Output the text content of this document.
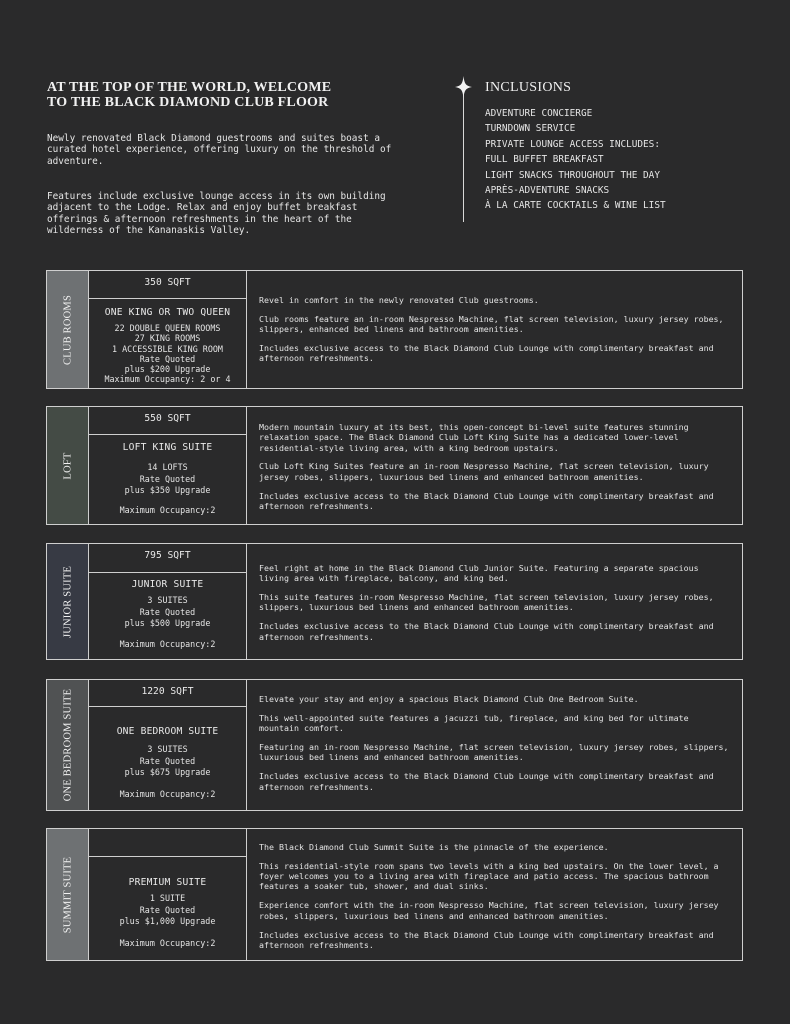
AT THE TOP OF THE WORLD, WELCOME
TO THE BLACK DIAMOND CLUB FLOOR

Newly renovated Black Diamond guestrooms and suites boast a
curated hotel experience, offering luxury on the threshold of
adventure.

Features include exclusive lounge access in its own building
adjacent to the Lodge. Relax and enjoy buffet breakfast
offerings & afternoon refreshments in the heart of the
wilderness of the Kananaskis Valley.

INCLUSIONS
ADVENTURE CONCIERGE
TURNDOWN SERVICE
PRIVATE LOUNGE ACCESS INCLUDES:
FULL BUFFET BREAKFAST
LIGHT SNACKS THROUGHOUT THE DAY
APRÈS-ADVENTURE SNACKS
À LA CARTE COCKTAILS & WINE LIST
CLUB ROOMS
350 SQFT
ONE KING OR TWO QUEEN
22 DOUBLE QUEEN ROOMS
27 KING ROOMS
1 ACCESSIBLE KING ROOM
Rate Quoted
plus $200 Upgrade
Maximum Occupancy: 2 or 4

Revel in comfort in the newly renovated Club guestrooms.

Club rooms feature an in-room Nespresso Machine, flat screen television, luxury jersey robes, slippers, enhanced bed linens and bathroom amenities.

Includes exclusive access to the Black Diamond Club Lounge with complimentary breakfast and afternoon refreshments.

LOFT
550 SQFT
LOFT KING SUITE
14 LOFTS
Rate Quoted
plus $350 Upgrade
Maximum Occupancy:2

Modern mountain luxury at its best, this open-concept bi-level suite features stunning relaxation space. The Black Diamond Club Loft King Suite has a dedicated lower-level residential-style living area, with a king bedroom upstairs.

Club Loft King Suites feature an in-room Nespresso Machine, flat screen television, luxury jersey robes, slippers, luxurious bed linens and enhanced bathroom amenities.

Includes exclusive access to the Black Diamond Club Lounge with complimentary breakfast and afternoon refreshments.

JUNIOR SUITE
795 SQFT
JUNIOR SUITE
3 SUITES
Rate Quoted
plus $500 Upgrade
Maximum Occupancy:2

Feel right at home in the Black Diamond Club Junior Suite. Featuring a separate spacious living area with fireplace, balcony, and king bed.

This suite features in-room Nespresso Machine, flat screen television, luxury jersey robes, slippers, luxurious bed linens and enhanced bathroom amenities.

Includes exclusive access to the Black Diamond Club Lounge with complimentary breakfast and afternoon refreshments.

ONE BEDROOM SUITE	1220 SQFT
ONE BEDROOM SUITE
3 SUITES
Rate Quoted
plus $675 Upgrade
Maximum Occupancy:2

Elevate your stay and enjoy a spacious Black Diamond Club One Bedroom Suite.

This well-appointed suite features a jacuzzi tub, fireplace, and king bed for ultimate mountain comfort.

Featuring an in-room Nespresso Machine, flat screen television, luxury jersey robes, slippers, luxurious bed linens and enhanced bathroom amenities.

Includes exclusive access to the Black Diamond Club Lounge with complimentary breakfast and afternoon refreshments.

SUMMIT SUITE	PREMIUM SUITE
1 SUITE
Rate Quoted
plus $1,000 Upgrade
Maximum Occupancy:2

The Black Diamond Club Summit Suite is the pinnacle of the experience.

This residential-style room spans two levels with a king bed upstairs. On the lower level, a foyer welcomes you to a living area with fireplace and patio access. The spacious bathroom features a soaker tub, shower, and dual sinks.

Experience comfort with the in-room Nespresso Machine, flat screen television, luxury jersey robes, slippers, luxurious bed linens and enhanced bathroom amenities.

Includes exclusive access to the Black Diamond Club Lounge with complimentary breakfast and afternoon refreshments.
